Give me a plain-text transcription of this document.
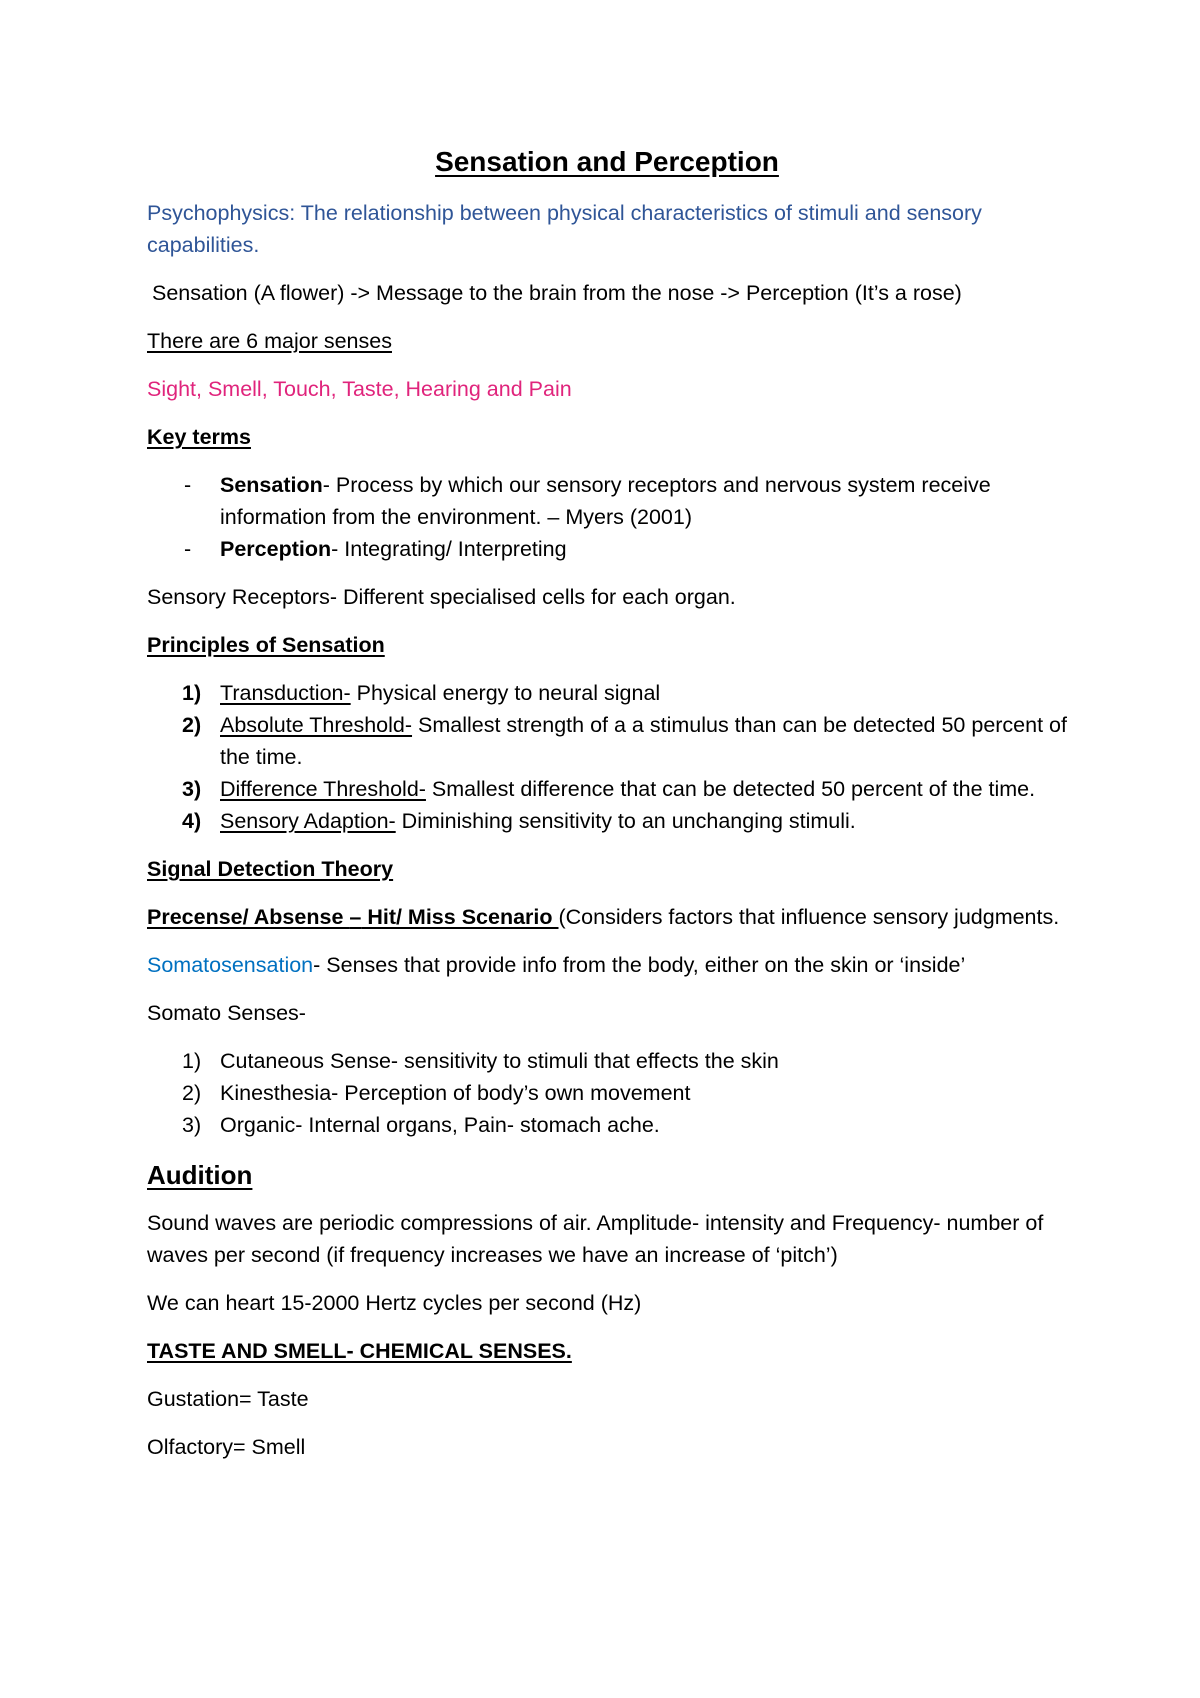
Sensation and Perception

Psychophysics: The relationship between physical characteristics of stimuli and sensory capabilities.

Sensation (A flower) -> Message to the brain from the nose -> Perception (It’s a rose)

There are 6 major senses

Sight, Smell, Touch, Taste, Hearing and Pain

Key terms

- Sensation- Process by which our sensory receptors and nervous system receive information from the environment. – Myers (2001)
- Perception- Integrating/ Interpreting

Sensory Receptors- Different specialised cells for each organ.

Principles of Sensation

1) Transduction- Physical energy to neural signal
2) Absolute Threshold- Smallest strength of a a stimulus than can be detected 50 percent of the time.
3) Difference Threshold- Smallest difference that can be detected 50 percent of the time.
4) Sensory Adaption- Diminishing sensitivity to an unchanging stimuli.

Signal Detection Theory

Precense/ Absense – Hit/ Miss Scenario (Considers factors that influence sensory judgments.

Somatosensation- Senses that provide info from the body, either on the skin or ‘inside’

Somato Senses-

1) Cutaneous Sense- sensitivity to stimuli that effects the skin
2) Kinesthesia- Perception of body’s own movement
3) Organic- Internal organs, Pain- stomach ache.
Audition

Sound waves are periodic compressions of air. Amplitude- intensity and Frequency- number of waves per second (if frequency increases we have an increase of ‘pitch’)

We can heart 15-2000 Hertz cycles per second (Hz)

TASTE AND SMELL- CHEMICAL SENSES.

Gustation= Taste

Olfactory= Smell
